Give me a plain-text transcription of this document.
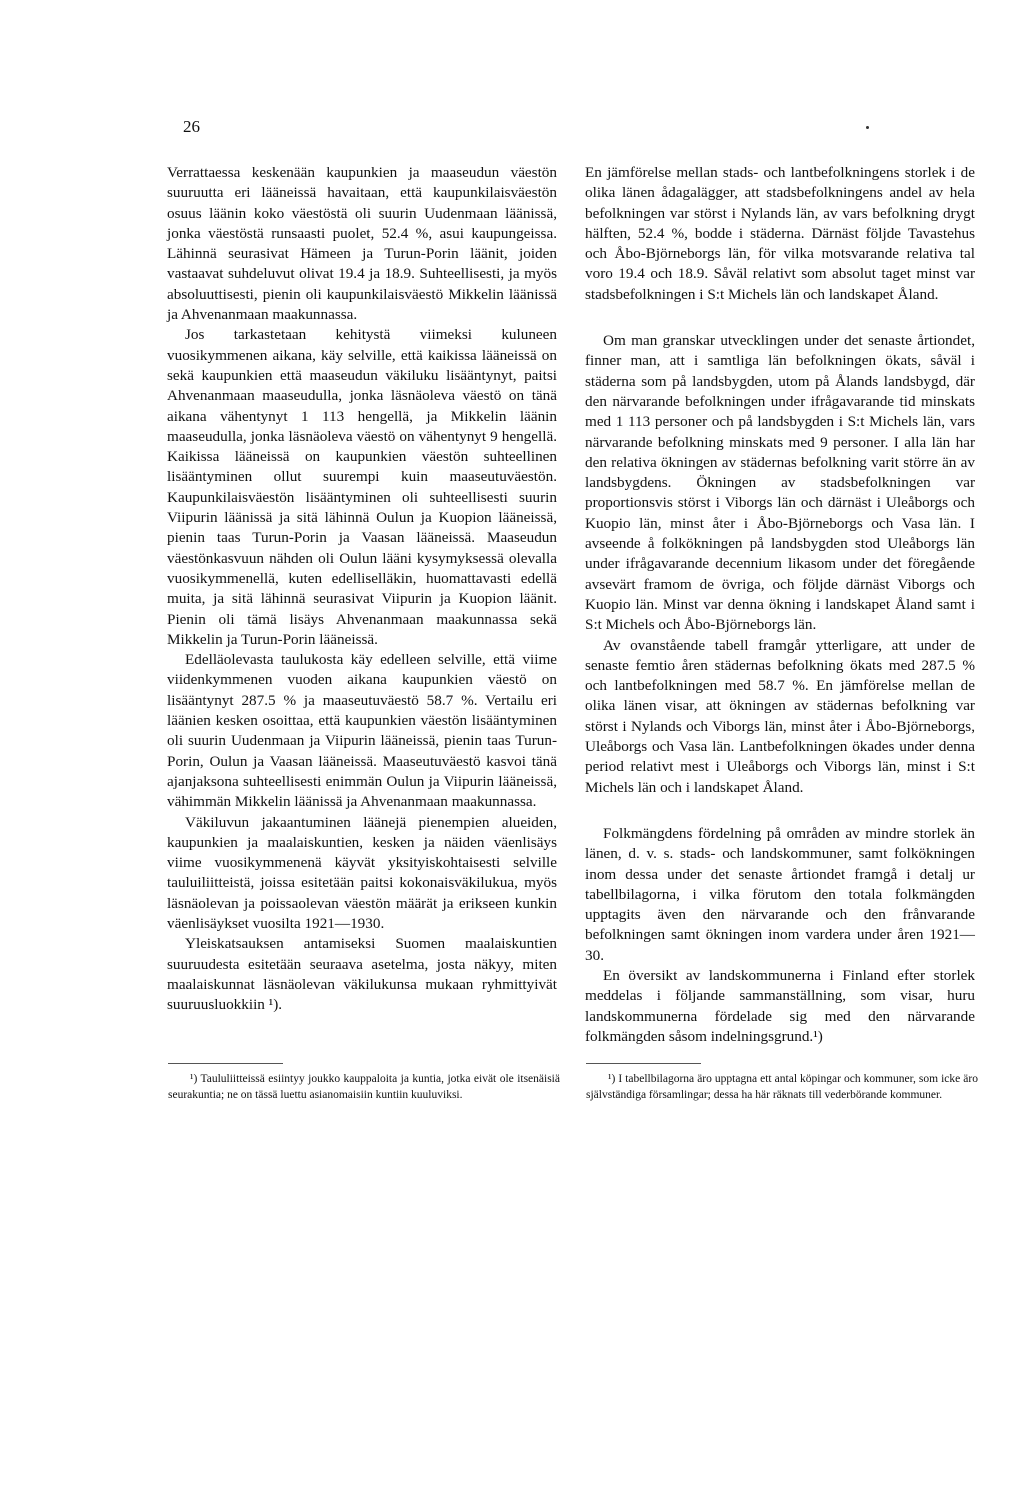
26

Verrattaessa keskenään kaupunkien ja maaseudun väestön suuruutta eri lääneissä havaitaan, että kaupunkilaisväestön osuus läänin koko väestöstä oli suurin Uudenmaan läänissä, jonka väestöstä runsaasti puolet, 52.4 %, asui kaupungeissa. Lähinnä seurasivat Hämeen ja Turun-Porin läänit, joiden vastaavat suhdeluvut olivat 19.4 ja 18.9. Suhteellisesti, ja myös absoluuttisesti, pienin oli kaupunkilaisväestö Mikkelin läänissä ja Ahvenanmaan maakunnassa.

Jos tarkastetaan kehitystä viimeksi kuluneen vuosikymmenen aikana, käy selville, että kaikissa lääneissä on sekä kaupunkien että maaseudun väkiluku lisääntynyt, paitsi Ahvenanmaan maaseudulla, jonka läsnäoleva väestö on tänä aikana vähentynyt 1 113 hengellä, ja Mikkelin läänin maaseudulla, jonka läsnäoleva väestö on vähentynyt 9 hengellä. Kaikissa lääneissä on kaupunkien väestön suhteellinen lisääntyminen ollut suurempi kuin maaseutuväestön. Kaupunkilaisväestön lisääntyminen oli suhteellisesti suurin Viipurin läänissä ja sitä lähinnä Oulun ja Kuopion lääneissä, pienin taas Turun-Porin ja Vaasan lääneissä. Maaseudun väestönkasvuun nähden oli Oulun lääni kysymyksessä olevalla vuosikymmenellä, kuten edelliselläkin, huomattavasti edellä muita, ja sitä lähinnä seurasivat Viipurin ja Kuopion läänit. Pienin oli tämä lisäys Ahvenanmaan maakunnassa sekä Mikkelin ja Turun-Porin lääneissä.

Edelläolevasta taulukosta käy edelleen selville, että viime viidenkymmenen vuoden aikana kaupunkien väestö on lisääntynyt 287.5 % ja maaseutuväestö 58.7 %. Vertailu eri läänien kesken osoittaa, että kaupunkien väestön lisääntyminen oli suurin Uudenmaan ja Viipurin lääneissä, pienin taas Turun-Porin, Oulun ja Vaasan lääneissä. Maaseutuväestö kasvoi tänä ajanjaksona suhteellisesti enimmän Oulun ja Viipurin lääneissä, vähimmän Mikkelin läänissä ja Ahvenanmaan maakunnassa.

Väkiluvun jakaantuminen läänejä pienempien alueiden, kaupunkien ja maalaiskuntien, kesken ja näiden väenlisäys viime vuosikymmenenä käyvät yksityiskohtaisesti selville tauluiliitteistä, joissa esitetään paitsi kokonaisväkilukua, myös läsnäolevan ja poissaolevan väestön määrät ja erikseen kunkin väenlisäykset vuosilta 1921—1930.

Yleiskatsauksen antamiseksi Suomen maalaiskuntien suuruudesta esitetään seuraava asetelma, josta näkyy, miten maalaiskunnat läsnäolevan väkilukunsa mukaan ryhmittyivät suuruusluokkiin ¹).

En jämförelse mellan stads- och lantbefolkningens storlek i de olika länen ådagalägger, att stadsbefolkningens andel av hela befolkningen var störst i Nylands län, av vars befolkning drygt hälften, 52.4 %, bodde i städerna. Därnäst följde Tavastehus och Åbo-Björneborgs län, för vilka motsvarande relativa tal voro 19.4 och 18.9. Såväl relativt som absolut taget minst var stadsbefolkningen i S:t Michels län och landskapet Åland.

Om man granskar utvecklingen under det senaste årtiondet, finner man, att i samtliga län befolkningen ökats, såväl i städerna som på landsbygden, utom på Ålands landsbygd, där den närvarande befolkningen under ifrågavarande tid minskats med 1 113 personer och på landsbygden i S:t Michels län, vars närvarande befolkning minskats med 9 personer. I alla län har den relativa ökningen av städernas befolkning varit större än av landsbygdens. Ökningen av stadsbefolkningen var proportionsvis störst i Viborgs län och därnäst i Uleåborgs och Kuopio län, minst åter i Åbo-Björneborgs och Vasa län. I avseende å folkökningen på landsbygden stod Uleåborgs län under ifrågavarande decennium likasom under det föregående avsevärt framom de övriga, och följde därnäst Viborgs och Kuopio län. Minst var denna ökning i landskapet Åland samt i S:t Michels och Åbo-Björneborgs län.

Av ovanstående tabell framgår ytterligare, att under de senaste femtio åren städernas befolkning ökats med 287.5 % och lantbefolkningen med 58.7 %. En jämförelse mellan de olika länen visar, att ökningen av städernas befolkning var störst i Nylands och Viborgs län, minst åter i Åbo-Björneborgs, Uleåborgs och Vasa län. Lantbefolkningen ökades under denna period relativt mest i Uleåborgs och Viborgs län, minst i S:t Michels län och i landskapet Åland.

Folkmängdens fördelning på områden av mindre storlek än länen, d. v. s. stads- och landskommuner, samt folkökningen inom dessa under det senaste årtiondet framgå i detalj ur tabellbilagorna, i vilka förutom den totala folkmängden upptagits även den närvarande och den frånvarande befolkningen samt ökningen inom vardera under åren 1921—30.

En översikt av landskommunerna i Finland efter storlek meddelas i följande sammanställning, som visar, huru landskommunerna fördelade sig med den närvarande folkmängden såsom indelningsgrund.¹)

¹) Taululiitteissä esiintyy joukko kauppaloita ja kuntia, jotka eivät ole itsenäisiä seurakuntia; ne on tässä luettu asianomaisiin kuntiin kuuluviksi.

¹) I tabellbilagorna äro upptagna ett antal köpingar och kommuner, som icke äro självständiga församlingar; dessa ha här räknats till vederbörande kommuner.
